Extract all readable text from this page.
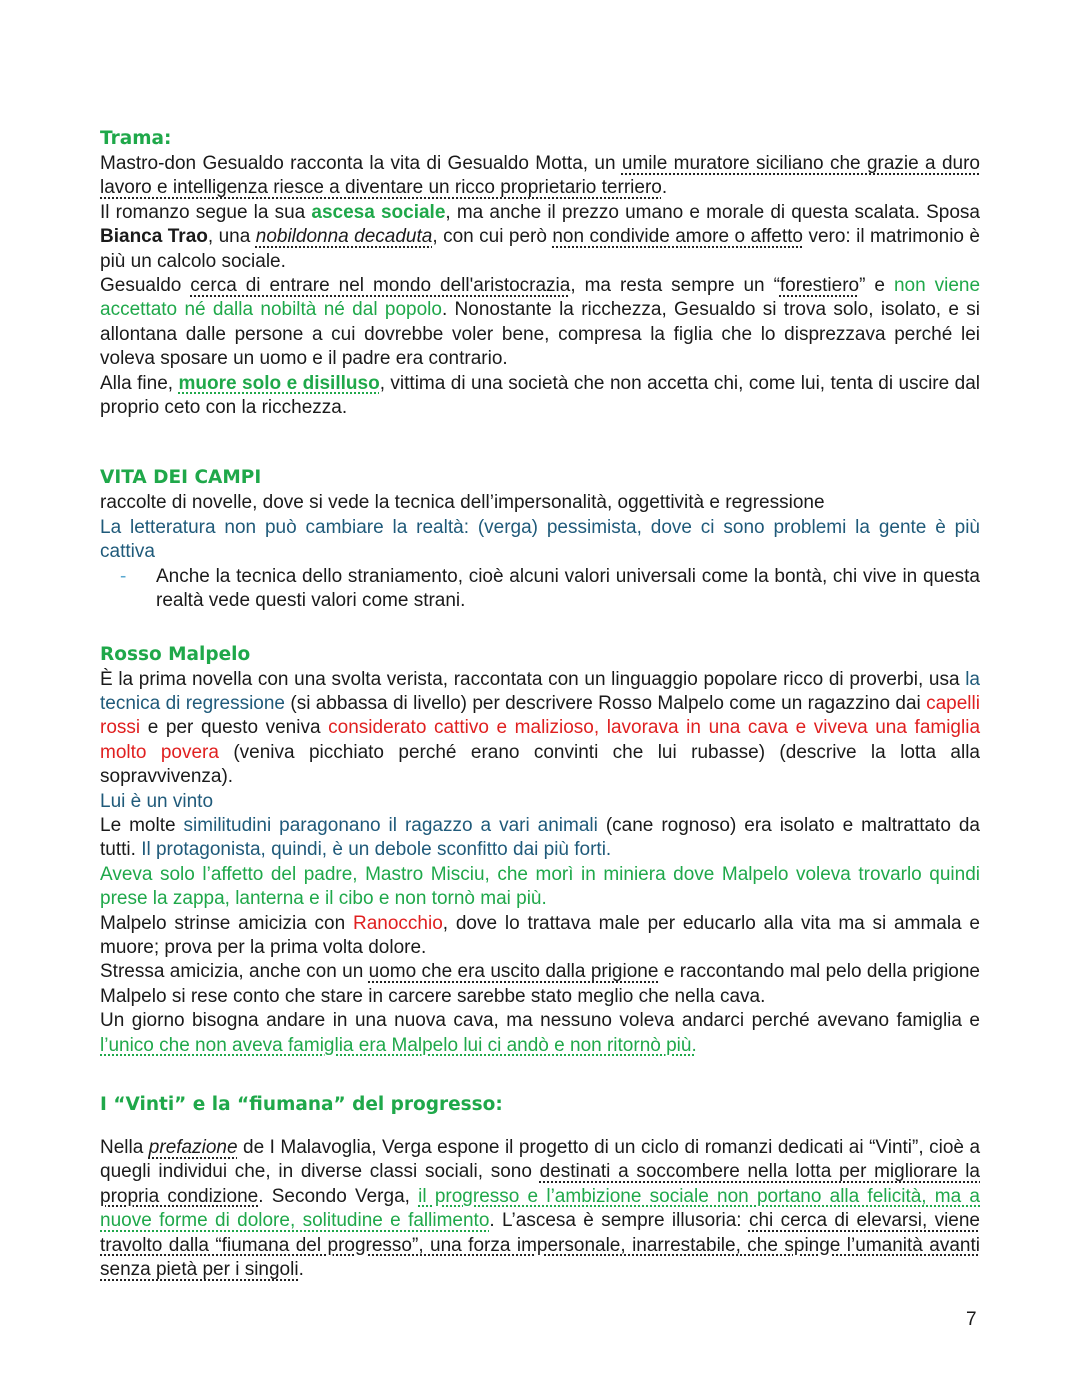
Trama:

Mastro-don Gesualdo racconta la vita di Gesualdo Motta, un umile muratore siciliano che grazie a duro lavoro e intelligenza riesce a diventare un ricco proprietario terriero.

Il romanzo segue la sua ascesa sociale, ma anche il prezzo umano e morale di questa scalata. Sposa Bianca Trao, una nobildonna decaduta, con cui però non condivide amore o affetto vero: il matrimonio è più un calcolo sociale.

Gesualdo cerca di entrare nel mondo dell'aristocrazia, ma resta sempre un “forestiero” e non viene accettato né dalla nobiltà né dal popolo. Nonostante la ricchezza, Gesualdo si trova solo, isolato, e si allontana dalle persone a cui dovrebbe voler bene, compresa la figlia che lo disprezzava perché lei voleva sposare un uomo e il padre era contrario.

Alla fine, muore solo e disilluso, vittima di una società che non accetta chi, come lui, tenta di uscire dal proprio ceto con la ricchezza.

VITA DEI CAMPI

raccolte di novelle, dove si vede la tecnica dell’impersonalità, oggettività e regressione

La letteratura non può cambiare la realtà: (verga) pessimista, dove ci sono problemi la gente è più cattiva

-	Anche la tecnica dello straniamento, cioè alcuni valori universali come la bontà, chi vive in questa realtà vede questi valori come strani.

Rosso Malpelo

È la prima novella con una svolta verista, raccontata con un linguaggio popolare ricco di proverbi, usa la tecnica di regressione (si abbassa di livello) per descrivere Rosso Malpelo come un ragazzino dai capelli rossi e per questo veniva considerato cattivo e malizioso, lavorava in una cava e viveva una famiglia molto povera (veniva picchiato perché erano convinti che lui rubasse) (descrive la lotta alla sopravvivenza).

Lui è un vinto

Le molte similitudini paragonano il ragazzo a vari animali (cane rognoso) era isolato e maltrattato da tutti. Il protagonista, quindi, è un debole sconfitto dai più forti.

Aveva solo l’affetto del padre, Mastro Misciu, che morì in miniera dove Malpelo voleva trovarlo quindi prese la zappa, lanterna e il cibo e non tornò mai più.

Malpelo strinse amicizia con Ranocchio, dove lo trattava male per educarlo alla vita ma si ammala e muore; prova per la prima volta dolore.

Stressa amicizia, anche con un uomo che era uscito dalla prigione e raccontando mal pelo della prigione Malpelo si rese conto che stare in carcere sarebbe stato meglio che nella cava.

Un giorno bisogna andare in una nuova cava, ma nessuno voleva andarci perché avevano famiglia e l’unico che non aveva famiglia era Malpelo lui ci andò e non ritornò più.

I “Vinti” e la “fiumana” del progresso:

Nella prefazione de I Malavoglia, Verga espone il progetto di un ciclo di romanzi dedicati ai “Vinti”, cioè a quegli individui che, in diverse classi sociali, sono destinati a soccombere nella lotta per migliorare la propria condizione. Secondo Verga, il progresso e l’ambizione sociale non portano alla felicità, ma a nuove forme di dolore, solitudine e fallimento. L’ascesa è sempre illusoria: chi cerca di elevarsi, viene travolto dalla “fiumana del progresso”, una forza impersonale, inarrestabile, che spinge l’umanità avanti senza pietà per i singoli.

7
